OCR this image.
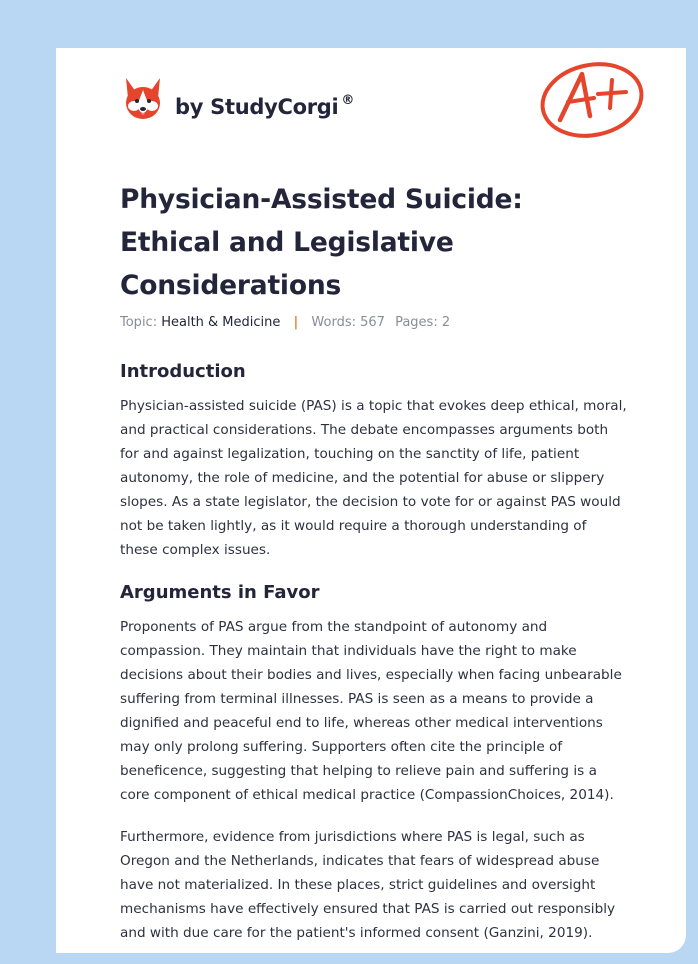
by StudyCorgi ®
Physician-Assisted Suicide: Ethical and Legislative Considerations
Topic: Health & Medicine | Words: 567 Pages: 2
Introduction

Physician-assisted suicide (PAS) is a topic that evokes deep ethical, moral, and practical considerations. The debate encompasses arguments both for and against legalization, touching on the sanctity of life, patient autonomy, the role of medicine, and the potential for abuse or slippery slopes. As a state legislator, the decision to vote for or against PAS would not be taken lightly, as it would require a thorough understanding of these complex issues.

Arguments in Favor

Proponents of PAS argue from the standpoint of autonomy and compassion. They maintain that individuals have the right to make decisions about their bodies and lives, especially when facing unbearable suffering from terminal illnesses. PAS is seen as a means to provide a dignified and peaceful end to life, whereas other medical interventions may only prolong suffering. Supporters often cite the principle of beneficence, suggesting that helping to relieve pain and suffering is a core component of ethical medical practice (CompassionChoices, 2014).

Furthermore, evidence from jurisdictions where PAS is legal, such as Oregon and the Netherlands, indicates that fears of widespread abuse have not materialized. In these places, strict guidelines and oversight mechanisms have effectively ensured that PAS is carried out responsibly and with due care for the patient's informed consent (Ganzini, 2019).
